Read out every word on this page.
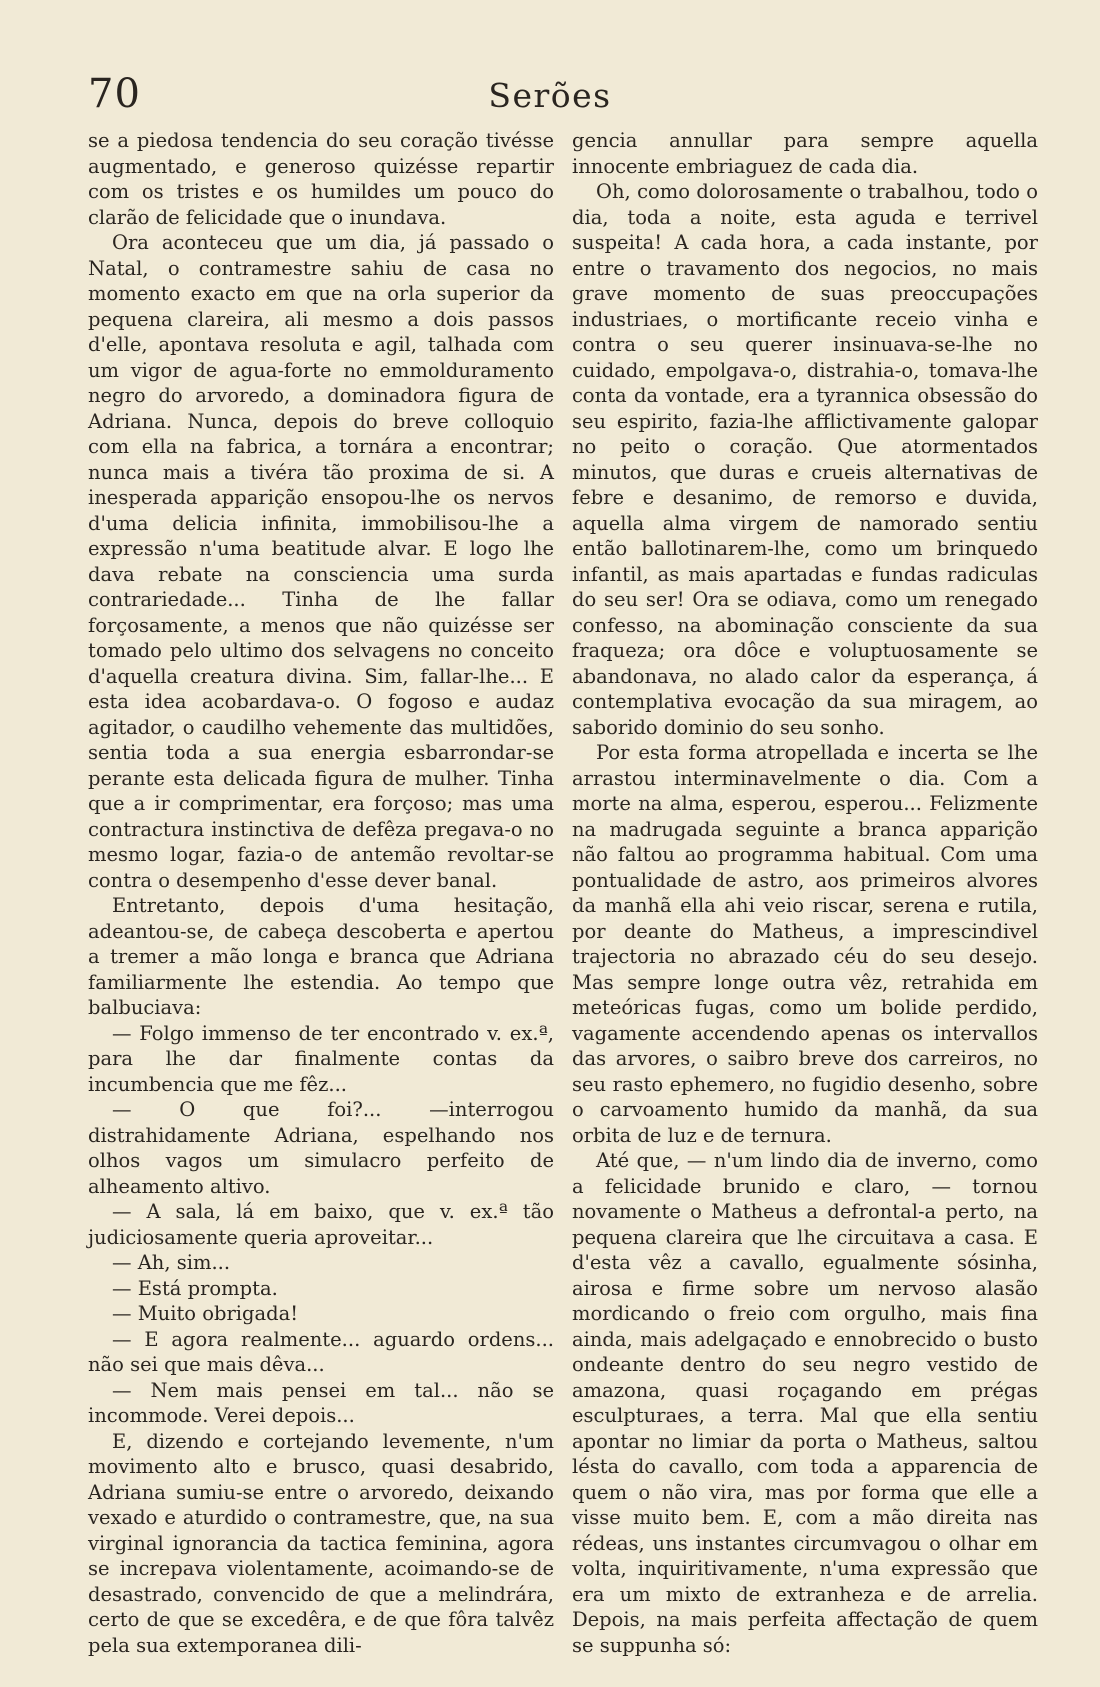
70	Serões

se a piedosa tendencia do seu coração tivésse augmentado, e generoso quizésse repartir com os tristes e os humildes um pouco do clarão de felicidade que o inundava.

Ora aconteceu que um dia, já passado o Natal, o contramestre sahiu de casa no momento exacto em que na orla superior da pequena clareira, ali mesmo a dois passos d'elle, apontava resoluta e agil, talhada com um vigor de agua-forte no emmolduramento negro do arvoredo, a dominadora figura de Adriana. Nunca, depois do breve colloquio com ella na fabrica, a tornára a encontrar; nunca mais a tivéra tão proxima de si. A inesperada apparição ensopou-lhe os nervos d'uma delicia infinita, immobilisou-lhe a expressão n'uma beatitude alvar. E logo lhe dava rebate na consciencia uma surda contrariedade... Tinha de lhe fallar forçosamente, a menos que não quizésse ser tomado pelo ultimo dos selvagens no conceito d'aquella creatura divina. Sim, fallar-lhe... E esta idea acobardava-o. O fogoso e audaz agitador, o caudilho vehemente das multidões, sentia toda a sua energia esbarrondar-se perante esta delicada figura de mulher. Tinha que a ir comprimentar, era forçoso; mas uma contractura instinctiva de defêza pregava-o no mesmo logar, fazia-o de antemão revoltar-se contra o desempenho d'esse dever banal.

Entretanto, depois d'uma hesitação, adeantou-se, de cabeça descoberta e apertou a tremer a mão longa e branca que Adriana familiarmente lhe estendia. Ao tempo que balbuciava:

— Folgo immenso de ter encontrado v. ex.ª, para lhe dar finalmente contas da incumbencia que me fêz...

— O que foi?... —interrogou distrahidamente Adriana, espelhando nos olhos vagos um simulacro perfeito de alheamento altivo.

— A sala, lá em baixo, que v. ex.ª tão judiciosamente queria aproveitar...

— Ah, sim...

— Está prompta.

— Muito obrigada!

— E agora realmente... aguardo ordens... não sei que mais dêva...

— Nem mais pensei em tal... não se incommode. Verei depois...

E, dizendo e cortejando levemente, n'um movimento alto e brusco, quasi desabrido, Adriana sumiu-se entre o arvoredo, deixando vexado e aturdido o contramestre, que, na sua virginal ignorancia da tactica feminina, agora se increpava violentamente, acoimando-se de desastrado, convencido de que a melindrára, certo de que se excedêra, e de que fôra talvêz pela sua extemporanea dili-

gencia annullar para sempre aquella innocente embriaguez de cada dia.

Oh, como dolorosamente o trabalhou, todo o dia, toda a noite, esta aguda e terrivel suspeita! A cada hora, a cada instante, por entre o travamento dos negocios, no mais grave momento de suas preoccupações industriaes, o mortificante receio vinha e contra o seu querer insinuava-se-lhe no cuidado, empolgava-o, distrahia-o, tomava-lhe conta da vontade, era a tyrannica obsessão do seu espirito, fazia-lhe afflictivamente galopar no peito o coração. Que atormentados minutos, que duras e crueis alternativas de febre e desanimo, de remorso e duvida, aquella alma virgem de namorado sentiu então ballotinarem-lhe, como um brinquedo infantil, as mais apartadas e fundas radiculas do seu ser! Ora se odiava, como um renegado confesso, na abominação consciente da sua fraqueza; ora dôce e voluptuosamente se abandonava, no alado calor da esperança, á contemplativa evocação da sua miragem, ao saborido dominio do seu sonho.

Por esta forma atropellada e incerta se lhe arrastou interminavelmente o dia. Com a morte na alma, esperou, esperou... Felizmente na madrugada seguinte a branca apparição não faltou ao programma habitual. Com uma pontualidade de astro, aos primeiros alvores da manhã ella ahi veio riscar, serena e rutila, por deante do Matheus, a imprescindivel trajectoria no abrazado céu do seu desejo. Mas sempre longe outra vêz, retrahida em meteóricas fugas, como um bolide perdido, vagamente accendendo apenas os intervallos das arvores, o saibro breve dos carreiros, no seu rasto ephemero, no fugidio desenho, sobre o carvoamento humido da manhã, da sua orbita de luz e de ternura.

Até que, — n'um lindo dia de inverno, como a felicidade brunido e claro, — tornou novamente o Matheus a defrontal-a perto, na pequena clareira que lhe circuitava a casa. E d'esta vêz a cavallo, egualmente sósinha, airosa e firme sobre um nervoso alasão mordicando o freio com orgulho, mais fina ainda, mais adelgaçado e ennobrecido o busto ondeante dentro do seu negro vestido de amazona, quasi roçagando em prégas esculpturaes, a terra. Mal que ella sentiu apontar no limiar da porta o Matheus, saltou lésta do cavallo, com toda a apparencia de quem o não vira, mas por forma que elle a visse muito bem. E, com a mão direita nas rédeas, uns instantes circumvagou o olhar em volta, inquiritivamente, n'uma expressão que era um mixto de extranheza e de arrelia. Depois, na mais perfeita affectação de quem se suppunha só:
